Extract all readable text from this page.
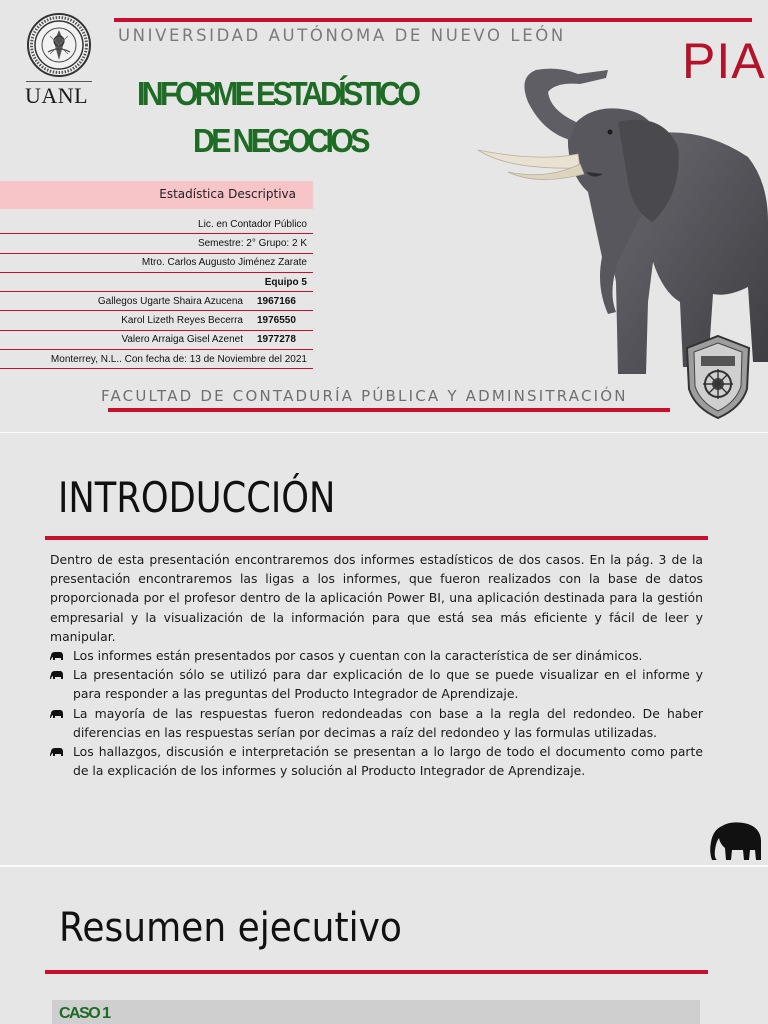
UANL
UNIVERSIDAD AUTÓNOMA DE NUEVO LEÓN PIA
INFORME ESTADÍSTICO
DE NEGOCIOS
Estadística Descriptiva
Lic. en Contador Público
Semestre: 2° Grupo: 2 K
Mtro. Carlos Augusto Jiménez Zarate
Equipo 5
Gallegos Ugarte Shaira Azucena 1967166
Karol Lizeth Reyes Becerra 1976550
Valero Arraiga Gisel Azenet 1977278
Monterrey, N.L.. Con fecha de: 13 de Noviembre del 2021
FACULTAD DE CONTADURÍA PÚBLICA Y ADMINSITRACIÓN
INTRODUCCIÓN

Dentro de esta presentación encontraremos dos informes estadísticos de dos casos. En la pág. 3 de la presentación encontraremos las ligas a los informes, que fueron realizados con la base de datos proporcionada por el profesor dentro de la aplicación Power BI, una aplicación destinada para la gestión empresarial y la visualización de la información para que está sea más eficiente y fácil de leer y manipular.

Los informes están presentados por casos y cuentan con la característica de ser dinámicos.
La presentación sólo se utilizó para dar explicación de lo que se puede visualizar en el informe y para responder a las preguntas del Producto Integrador de Aprendizaje.
La mayoría de las respuestas fueron redondeadas con base a la regla del redondeo. De haber diferencias en las respuestas serían por decimas a raíz del redondeo y las formulas utilizadas.
Los hallazgos, discusión e interpretación se presentan a lo largo de todo el documento como parte de la explicación de los informes y solución al Producto Integrador de Aprendizaje.
Resumen ejecutivo
CASO 1
